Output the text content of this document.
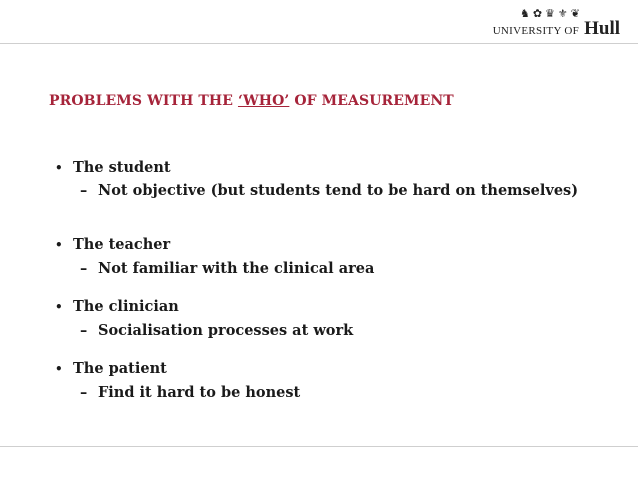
♞ ✿ ♛ ⚜ ❦
UNIVERSITY OF Hull
PROBLEMS WITH THE ‘WHO’ OF MEASUREMENT
• The student
– Not objective (but students tend to be hard on themselves)
• The teacher
– Not familiar with the clinical area
• The clinician
– Socialisation processes at work
• The patient
– Find it hard to be honest
